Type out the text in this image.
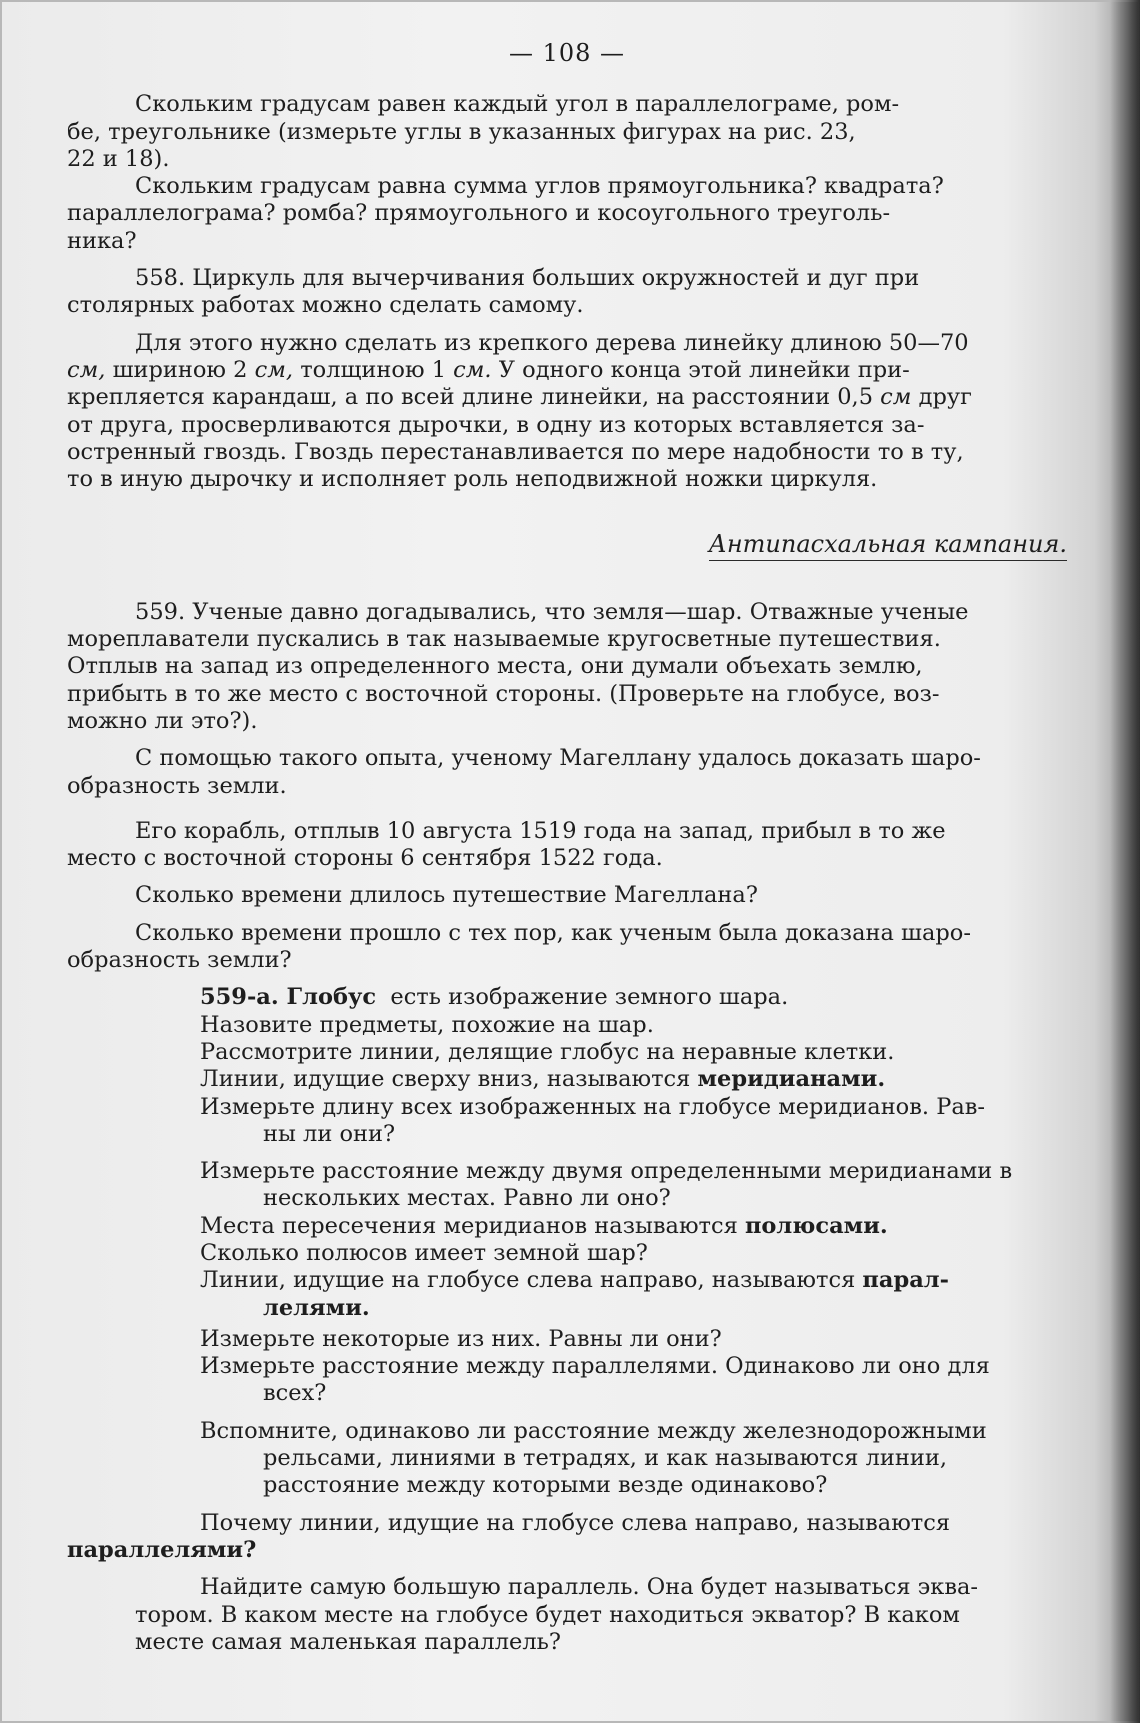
— 108 —
Скольким градусам равен каждый угол в параллелограме, ром-
бе, треугольнике (измерьте углы в указанных фигурах на рис. 23,
22 и 18).
Скольким градусам равна сумма углов прямоугольника? квадрата?
параллелограма? ромба? прямоугольного и косоугольного треуголь-
ника?
558. Циркуль для вычерчивания больших окружностей и дуг при
столярных работах можно сделать самому.
Для этого нужно сделать из крепкого дерева линейку длиною 50—70
см, шириною 2 см, толщиною 1 см. У одного конца этой линейки при-
крепляется карандаш, а по всей длине линейки, на расстоянии 0,5 см друг
от друга, просверливаются дырочки, в одну из которых вставляется за-
остренный гвоздь. Гвоздь перестанавливается по мере надобности то в ту,
то в иную дырочку и исполняет роль неподвижной ножки циркуля.
Антипасхальная кампания.
559. Ученые давно догадывались, что земля—шар. Отважные ученые
мореплаватели пускались в так называемые кругосветные путешествия.
Отплыв на запад из определенного места, они думали объехать землю,
прибыть в то же место с восточной стороны. (Проверьте на глобусе, воз-
можно ли это?).
С помощью такого опыта, ученому Магеллану удалось доказать шаро-
образность земли.
Его корабль, отплыв 10 августа 1519 года на запад, прибыл в то же
место с восточной стороны 6 сентября 1522 года.
Сколько времени длилось путешествие Магеллана?
Сколько времени прошло с тех пор, как ученым была доказана шаро-
образность земли?
559-а. Глобус  есть изображение земного шара.
Назовите предметы, похожие на шар.
Рассмотрите линии, делящие глобус на неравные клетки.
Линии, идущие сверху вниз, называются меридианами.
Измерьте длину всех изображенных на глобусе меридианов. Рав-
ны ли они?
Измерьте расстояние между двумя определенными меридианами в
нескольких местах. Равно ли оно?
Места пересечения меридианов называются полюсами.
Сколько полюсов имеет земной шар?
Линии, идущие на глобусе слева направо, называются парал-
лелями.
Измерьте некоторые из них. Равны ли они?
Измерьте расстояние между параллелями. Одинаково ли оно для
всех?
Вспомните, одинаково ли расстояние между железнодорожными
рельсами, линиями в тетрадях, и как называются линии,
расстояние между которыми везде одинаково?
Почему линии, идущие на глобусе слева направо, называются
параллелями?
Найдите самую большую параллель. Она будет называться эква-
тором. В каком месте на глобусе будет находиться экватор? В каком
месте самая маленькая параллель?
